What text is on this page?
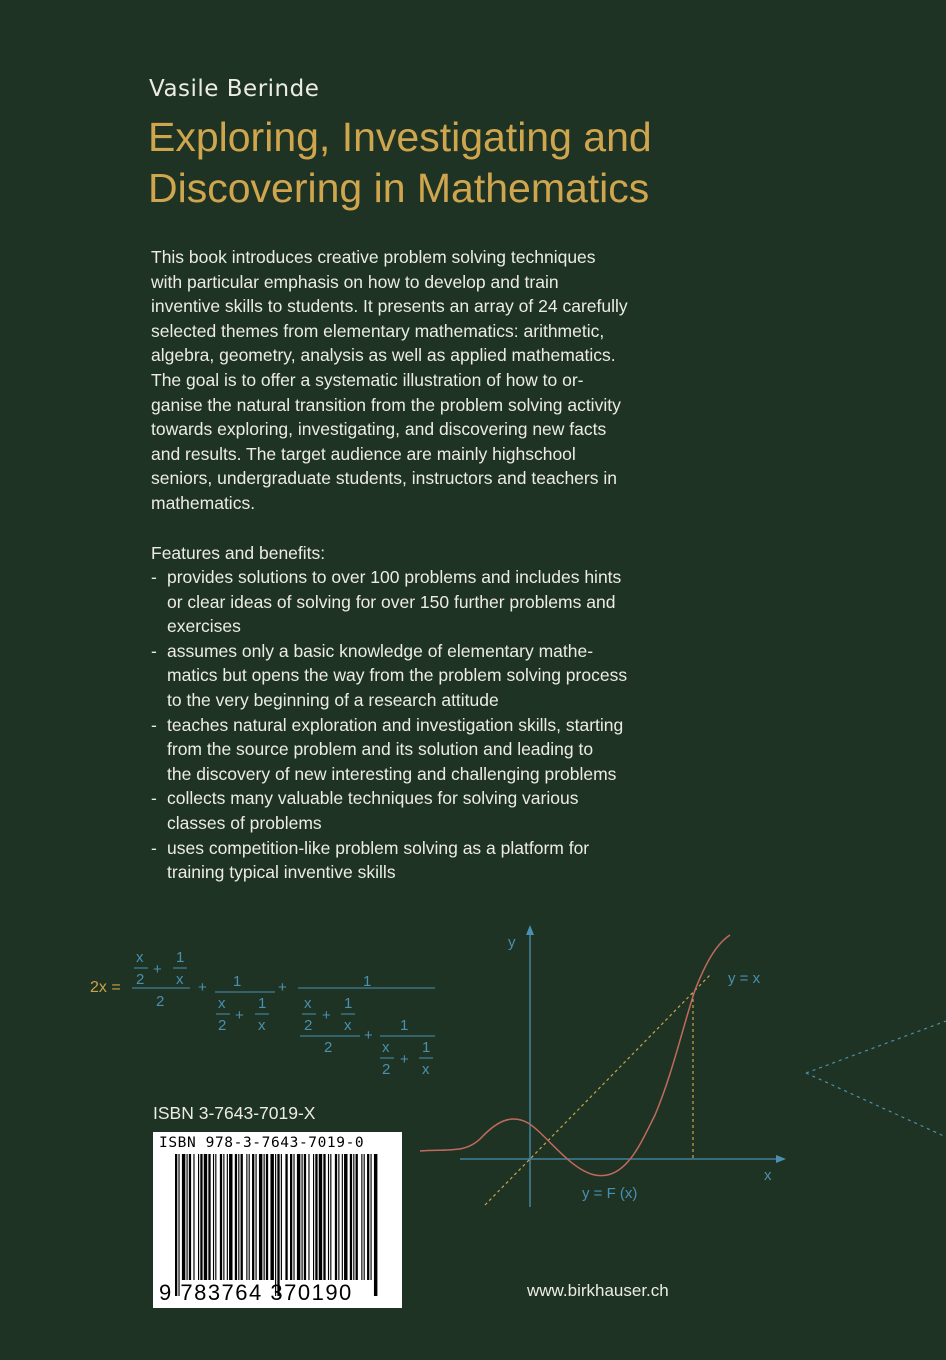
Vasile Berinde
Exploring, Investigating and
Discovering in Mathematics

This book introduces creative problem solving techniques
with particular emphasis on how to develop and train
inventive skills to students. It presents an array of 24 carefully
selected themes from elementary mathematics: arithmetic,
algebra, geometry, analysis as well as applied mathematics.
The goal is to offer a systematic illustration of how to or-
ganise the natural transition from the problem solving activity
towards exploring, investigating, and discovering new facts
and results. The target audience are mainly highschool
seniors, undergraduate students, instructors and teachers in
mathematics.

Features and benefits:

- provides solutions to over 100 problems and includes hints
or clear ideas of solving for over 150 further problems and
exercises
- assumes only a basic knowledge of elementary mathe-
matics but opens the way from the problem solving process
to the very beginning of a research attitude
- teaches natural exploration and investigation skills, starting
from the source problem and its solution and leading to
the discovery of new interesting and challenging problems
- collects many valuable techniques for solving various
classes of problems
- uses competition-like problem solving as a platform for
training typical inventive skills
2x =
x
2
+
1
x
2
+ 1
x
2
+
1
x
+	1
x
2
+
1
x
2
+
1
x
2
+
1
x
y
x
y = x
y = F (x)

ISBN 3-7643-7019-X

ISBN 978-3-7643-7019-0
9 783764 370190	www.birkhauser.ch
